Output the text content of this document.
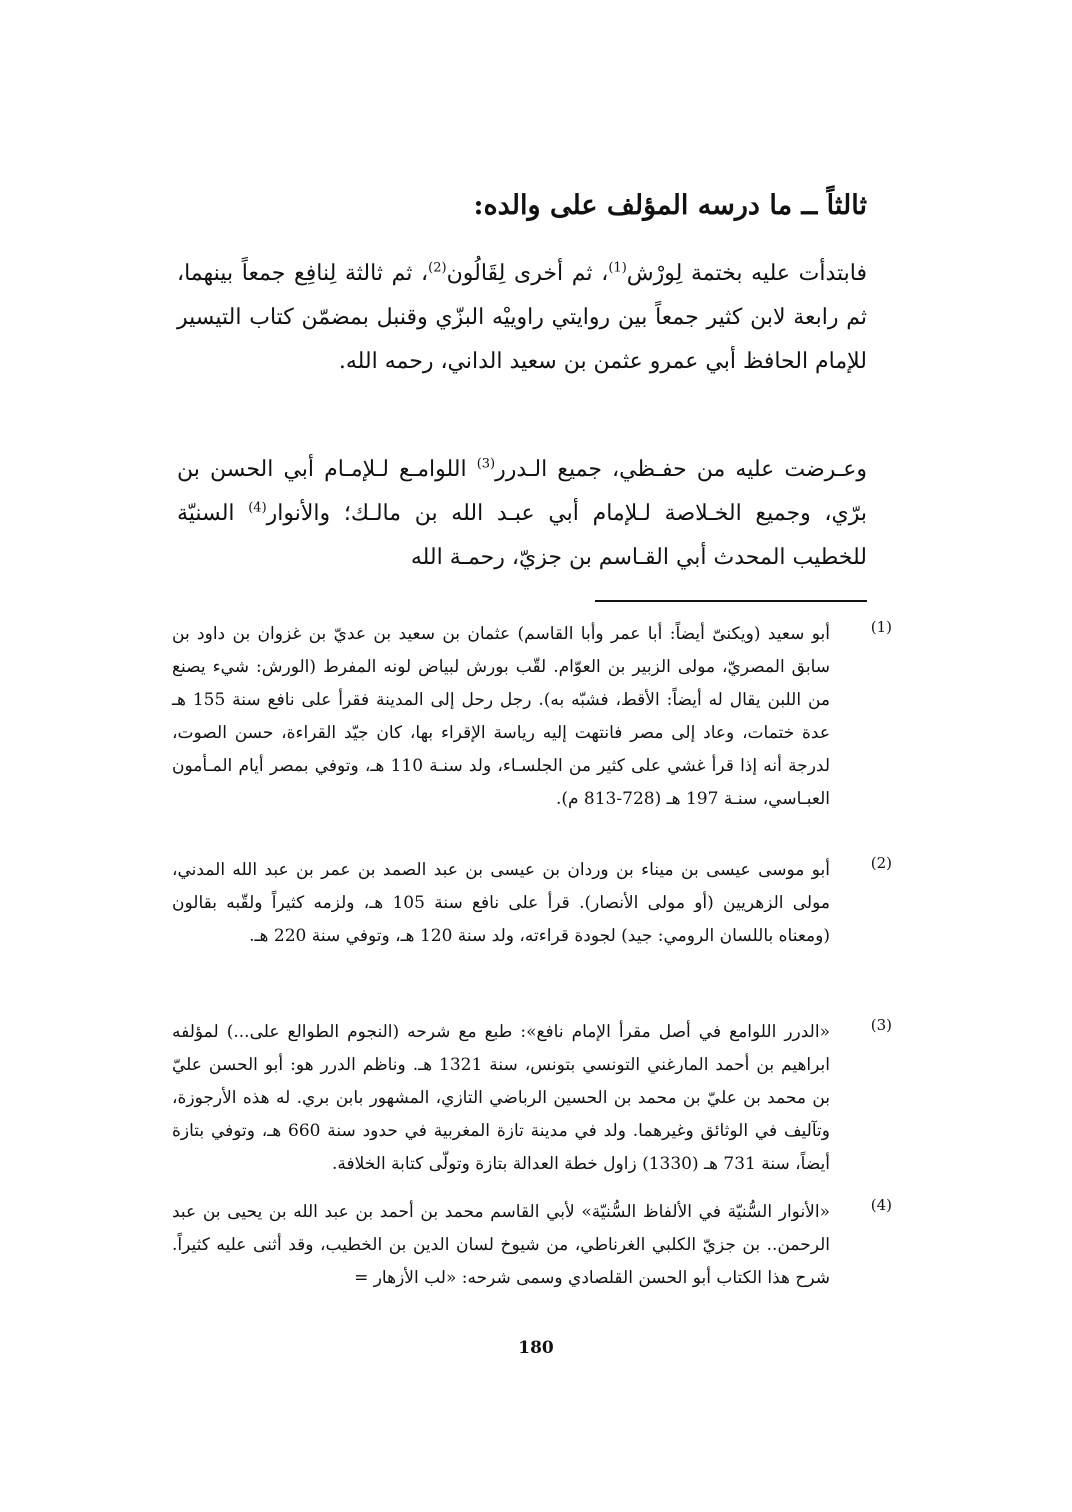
ثالثاً ــ ما درسه المؤلف على والده:

فابتدأت عليه بختمة لِورْش$^{(1)}$، ثم أخرى لِقَالُون$^{(2)}$، ثم ثالثة لِنافِع جمعاً بينهما، ثم رابعة لابن كثير جمعاً بين روايتي راوييْه البزّي وقنبل بمضمّن كتاب التيسير للإمام الحافظ أبي عمرو عثمن بن سعيد الداني، رحمه الله.

وعـرضت عليه من حفـظي، جميع الـدرر$^{(3)}$ اللوامـع لـلإمـام أبي الحسن بن برّي، وجميع الخـلاصة لـلإمام أبي عبـد الله بن مالـك؛ والأنوار$^{(4)}$ السنيّة للخطيب المحدث أبي القـاسم بن جزيّ، رحمـة الله

(1)
أبو سعيد (ويكنىّ أيضاً: أبا عمر وأبا القاسم) عثمان بن سعيد بن عديّ بن غزوان بن داود بن سابق المصريّ، مولى الزبير بن العوّام. لقّب بورش لبياض لونه المفرط (الورش: شيء يصنع من اللبن يقال له أيضاً: الأقط، فشبّه به). رجل رحل إلى المدينة فقرأ على نافع سنة 155 هـ عدة ختمات، وعاد إلى مصر فانتهت إليه رياسة الإقراء بها، كان جيّد القراءة، حسن الصوت، لدرجة أنه إذا قرأ غشي على كثير من الجلسـاء، ولد سنـة 110 هـ، وتوفي بمصر أيام المـأمون العبـاسي، سنـة 197 هـ (728-813 م).
(2)
أبو موسى عيسى بن ميناء بن وردان بن عيسى بن عبد الصمد بن عمر بن عبد الله المدني، مولى الزهريين (أو مولى الأنصار). قرأ على نافع سنة 105 هـ، ولزمه كثيراً ولقّبه بقالون (ومعناه باللسان الرومي: جيد) لجودة قراءته، ولد سنة 120 هـ، وتوفي سنة 220 هـ.
(3)
«الدرر اللوامع في أصل مقرأ الإمام نافع»: طبع مع شرحه (النجوم الطوالع على...) لمؤلفه ابراهيم بن أحمد المارغني التونسي بتونس، سنة 1321 هـ. وناظم الدرر هو: أبو الحسن عليّ بن محمد بن عليّ بن محمد بن الحسين الرباضي التازي، المشهور بابن بري. له هذه الأرجوزة، وتآليف في الوثائق وغيرهما. ولد في مدينة تازة المغربية في حدود سنة 660 هـ، وتوفي بتازة أيضاً، سنة 731 هـ (1330) زاول خطة العدالة بتازة وتولّى كتابة الخلافة.
(4)
«الأنوار السُّنيّة في الألفاظ السُّنيّة» لأبي القاسم محمد بن أحمد بن عبد الله بن يحيى بن عبد الرحمن.. بن جزيّ الكلبي الغرناطي، من شيوخ لسان الدين بن الخطيب، وقد أثنى عليه كثيراً. شرح هذا الكتاب أبو الحسن القلصادي وسمى شرحه: «لب الأزهار =

180
